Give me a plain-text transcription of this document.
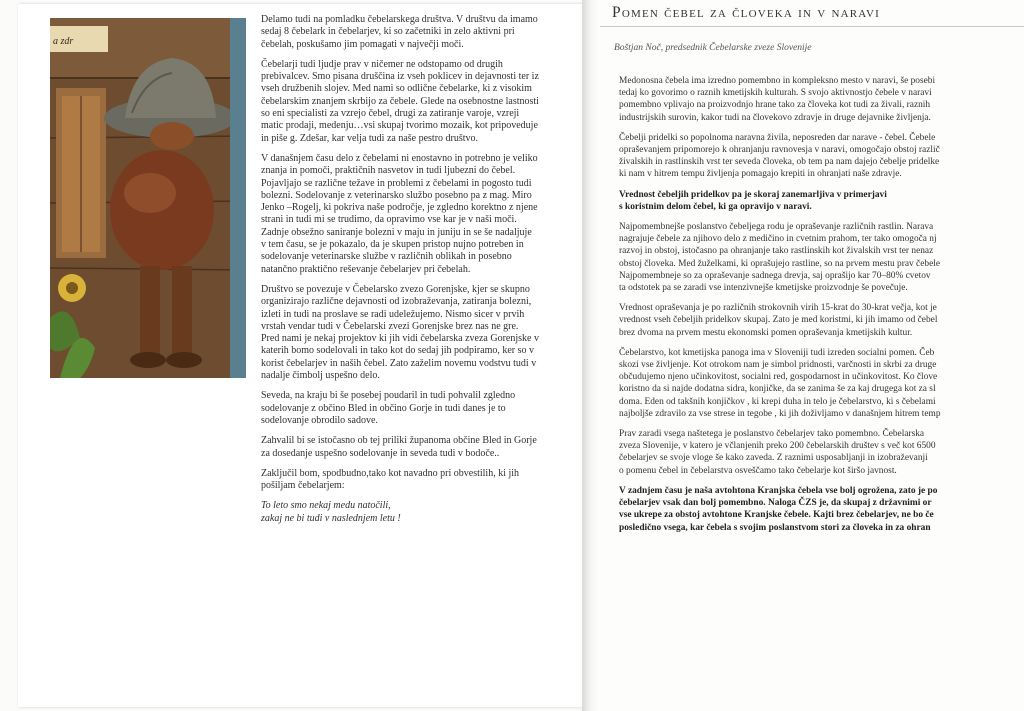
a zdr

Delamo tudi na pomladku čebelarskega društva. V društvu da imamo sedaj 8 čebelark in čebelarjev, ki so začetniki in zelo aktivni pri čebelah, poskušamo jim pomagati v največji moči.

Čebelarji tudi ljudje prav v ničemer ne odstopamo od drugih prebivalcev. Smo pisana druščina iz vseh poklicev in dejavnosti ter iz vseh družbenih slojev. Med nami so odlične čebelarke, ki z visokim čebelarskim znanjem skrbijo za čebele. Glede na osebnostne lastnosti so eni specialisti za vzrejo čebel, drugi za zatiranje varoje, vzreji matic prodaji, medenju…vsi skupaj tvorimo mozaik, kot pripoveduje in piše g. Zdešar, kar velja tudi za naše pestro društvo.

V današnjem času delo z čebelami ni enostavno in potrebno je veliko znanja in pomoči, praktičnih nasvetov in tudi ljubezni do čebel. Pojavljajo se različne težave in problemi z čebelami in pogosto tudi bolezni. Sodelovanje z veterinarsko službo posebno pa z mag. Miro Jenko –Rogelj, ki pokriva naše področje, je zgledno korektno z njene strani in tudi mi se trudimo, da opravimo vse kar je v naši moči. Zadnje obsežno saniranje bolezni v maju in juniju in se še nadaljuje v tem času, se je pokazalo, da je skupen pristop nujno potreben in sodelovanje veterinarske službe v različnih oblikah in posebno natančno praktično reševanje čebelarjev pri čebelah.

Društvo se povezuje v Čebelarsko zvezo Gorenjske, kjer se skupno organizirajo različne dejavnosti od izobraževanja, zatiranja bolezni, izleti in tudi na proslave se radi udeležujemo. Nismo sicer v prvih vrstah vendar tudi v Čebelarski zvezi Gorenjske brez nas ne gre. Pred nami je nekaj projektov ki jih vidi čebelarska zveza Gorenjske v katerih bomo sodelovali in tako kot do sedaj jih podpiramo, ker so v korist čebelarjev in naših čebel. Zato zaželim novemu vodstvu tudi v nadalje čimbolj uspešno delo.

Seveda, na kraju bi še posebej poudaril in tudi pohvalil zgledno sodelovanje z občino Bled in občino Gorje in tudi danes je to sodelovanje obrodilo sadove.

Zahvalil bi se istočasno ob tej priliki županoma občine Bled in Gorje za dosedanje uspešno sodelovanje in seveda tudi v bodoče..

Zaključil bom, spodbudno,tako kot navadno pri obvestilih, ki jih pošiljam čebelarjem:

To leto smo nekaj medu natočili,
zakaj ne bi tudi v naslednjem letu !

Pomen čebel za človeka in v naravi
Boštjan Noč, predsednik Čebelarske zveze Slovenije

Medonosna čebela ima izredno pomembno in kompleksno mesto v naravi, še posebi
tedaj ko govorimo o raznih kmetijskih kulturah. S svojo aktivnostjo čebele v naravi
pomembno vplivajo na proizvodnjo hrane tako za človeka kot tudi za živali, raznih
industrijskih surovin, kakor tudi na človekovo zdravje in druge dejavnike življenja.

Čebelji pridelki so popolnoma naravna živila, neposreden dar narave - čebel. Čebele
opraševanjem pripomorejo k ohranjanju ravnovesja v naravi, omogočajo obstoj različ
živalskih in rastlinskih vrst ter seveda človeka, ob tem pa nam dajejo čebelje pridelke
ki nam v hitrem tempu življenja pomagajo krepiti in ohranjati naše zdravje.

Vrednost čebeljih pridelkov pa je skoraj zanemarljiva v primerjavi
s koristnim delom čebel, ki ga opravijo v naravi.

Najpomembnejše poslanstvo čebeljega rodu je opraševanje različnih rastlin. Narava
nagrajuje čebele za njihovo delo z medičino in cvetnim prahom, ter tako omogoča nj
razvoj in obstoj, istočasno pa ohranjanje tako rastlinskih kot živalskih vrst ter nenaz
obstoj človeka. Med žuželkami, ki oprašujejo rastline, so na prvem mestu prav čebele
Najpomembneje so za opraševanje sadnega drevja, saj oprašijo kar 70–80% cvetov
ta odstotek pa se zaradi vse intenzivnejše kmetijske proizvodnje še povečuje.

Vrednost opraševanja je po različnih strokovnih virih 15-krat do 30-krat večja, kot je
vrednost vseh čebeljih pridelkov skupaj. Zato je med koristmi, ki jih imamo od čebel
brez dvoma na prvem mestu ekonomski pomen opraševanja kmetijskih kultur.

Čebelarstvo, kot kmetijska panoga ima v Sloveniji tudi izreden socialni pomen. Čeb
skozi vse življenje. Kot otrokom nam je simbol pridnosti, varčnosti in skrbi za druge
občudujemo njeno učinkovitost, socialni red, gospodarnost in učinkovitost. Ko člove
koristno da si najde dodatna sidra, konjičke, da se zanima še za kaj drugega kot za sl
doma. Eden od takšnih konjičkov , ki krepi duha in telo je čebelarstvo, ki s čebelami
najboljše zdravilo za vse strese in tegobe , ki jih doživljamo v današnjem hitrem temp

Prav zaradi vsega naštetega je poslanstvo čebelarjev tako pomembno. Čebelarska
zveza Slovenije, v katero je včlanjenih preko 200 čebelarskih društev s več kot 6500
čebelarjev se svoje vloge še kako zaveda. Z raznimi usposabljanji in izobraževanji
o pomenu čebel in čebelarstva osveščamo tako čebelarje kot širšo javnost.

V zadnjem času je naša avtohtona Kranjska čebela vse bolj ogrožena, zato je po
čebelarjev vsak dan bolj pomembno. Naloga ČZS je, da skupaj z državnimi or
vse ukrepe za obstoj avtohtone Kranjske čebele. Kajti brez čebelarjev, ne bo če
posledično vsega, kar čebela s svojim poslanstvom stori za človeka in za ohran
